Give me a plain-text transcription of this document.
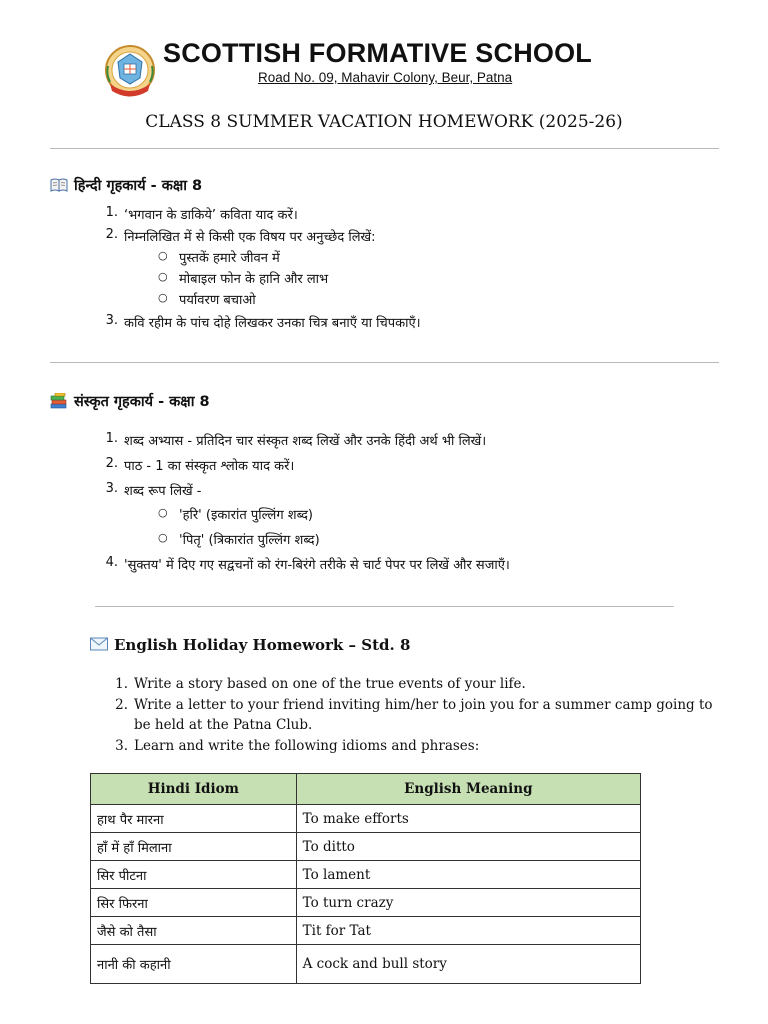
SCOTTISH FORMATIVE SCHOOL
Road No. 09, Mahavir Colony, Beur, Patna
CLASS 8 SUMMER VACATION HOMEWORK (2025-26)
हिन्दी गृहकार्य - कक्षा 8
1. ‘भगवान के डाकिये’ कविता याद करें।
2. निम्नलिखित में से किसी एक विषय पर अनुच्छेद लिखें:
○ पुस्तकें हमारे जीवन में
○ मोबाइल फोन के हानि और लाभ
○ पर्यावरण बचाओ
3. कवि रहीम के पांच दोहे लिखकर उनका चित्र बनाएँ या चिपकाएँ।
संस्कृत गृहकार्य - कक्षा 8
1. शब्द अभ्यास - प्रतिदिन चार संस्कृत शब्द लिखें और उनके हिंदी अर्थ भी लिखें।
2. पाठ - 1 का संस्कृत श्लोक याद करें।
3. शब्द रूप लिखें -
○ 'हरि' (इकारांत पुल्लिंग शब्द)
○ 'पितृ' (त्रिकारांत पुल्लिंग शब्द)
4. 'सुक्तय' में दिए गए सद्वचनों को रंग-बिरंगे तरीके से चार्ट पेपर पर लिखें और सजाएँ।
English Holiday Homework – Std. 8
1. Write a story based on one of the true events of your life.
2. Write a letter to your friend inviting him/her to join you for a summer camp going to
be held at the Patna Club.
3. Learn and write the following idioms and phrases:
Hindi Idiom	English Meaning
हाथ पैर मारना	To make efforts
हाँ में हाँ मिलाना	To ditto
सिर पीटना	To lament
सिर फिरना	To turn crazy
जैसे को तैसा	Tit for Tat
नानी की कहानी	A cock and bull story
